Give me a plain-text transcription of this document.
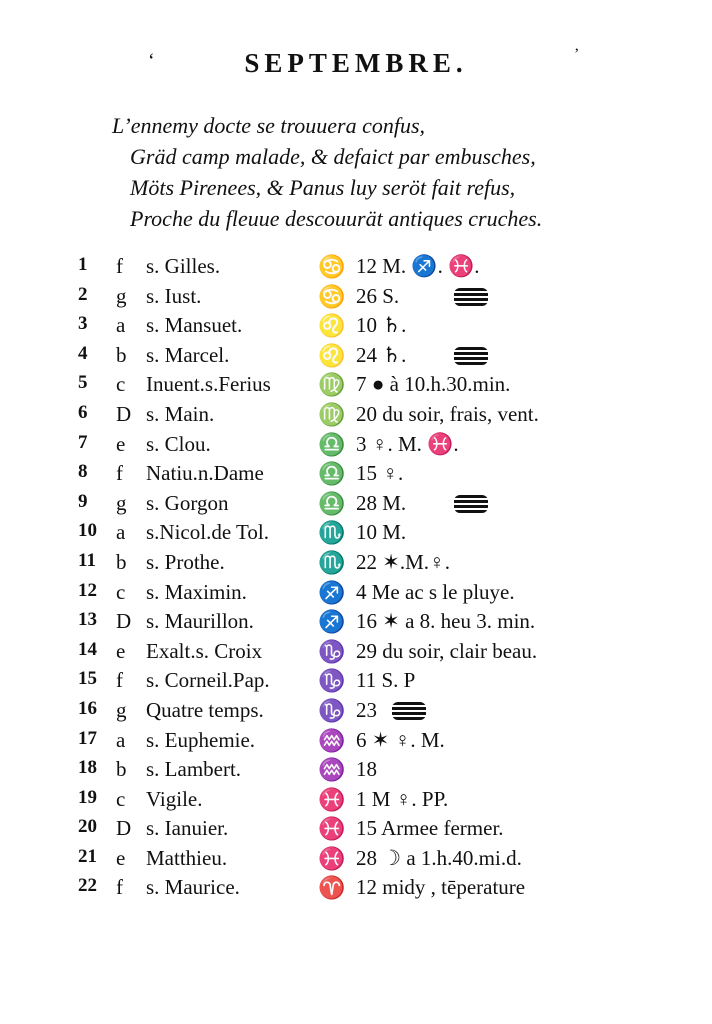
‘	SEPTEMBRE.	ʼ
L’ennemy docte se trouuera confus,
Gräd camp malade, & defaict par embusches,
Möts Pirenees, & Panus luy seröt fait refus,
Proche du fleuue descouurät antiques cruches.
1	f	s. Gilles.	♋ 12 M. ♐. ♓.
2	g s. Iust.	♋ 26 S.
3	a s. Mansuet.	♌ 10 ♄.
4	b s. Marcel.	♌ 24 ♄.
5	c Inuent.s.Ferius	♍ 7 ● à 10.h.30.min.
6	D s. Main.	♍ 20 du soir, frais, vent.
7	e s. Clou.	♎ 3 ♀. M. ♓.
8	f	Natiu.n.Dame	♎ 15 ♀.
9	g s. Gorgon	♎ 28 M.
10 a s.Nicol.de Tol.	♏ 10 M.
11 b s. Prothe.	♏ 22 ✶.M.♀.
12 c s. Maximin.	♐ 4 Me ac s le pluye.
13 D s. Maurillon.	♐ 16 ✶ a 8. heu 3. min.
14 e Exalt.s. Croix	♑ 29 du soir, clair beau.
15 f	s. Corneil.Pap.	♑ 11 S. P
16 g Quatre temps.	♑ 23
17 a s. Euphemie.	♒ 6 ✶ ♀. M.
18 b s. Lambert.	♒ 18
19 c Vigile.	♓ 1 M ♀. PP.
20 D s. Ianuier.	♓ 15 Armee fermer.
21 e Matthieu.	♓ 28 ☽ a 1.h.40.mi.d.
22 f	s. Maurice.	♈ 12 midy , tēperature
